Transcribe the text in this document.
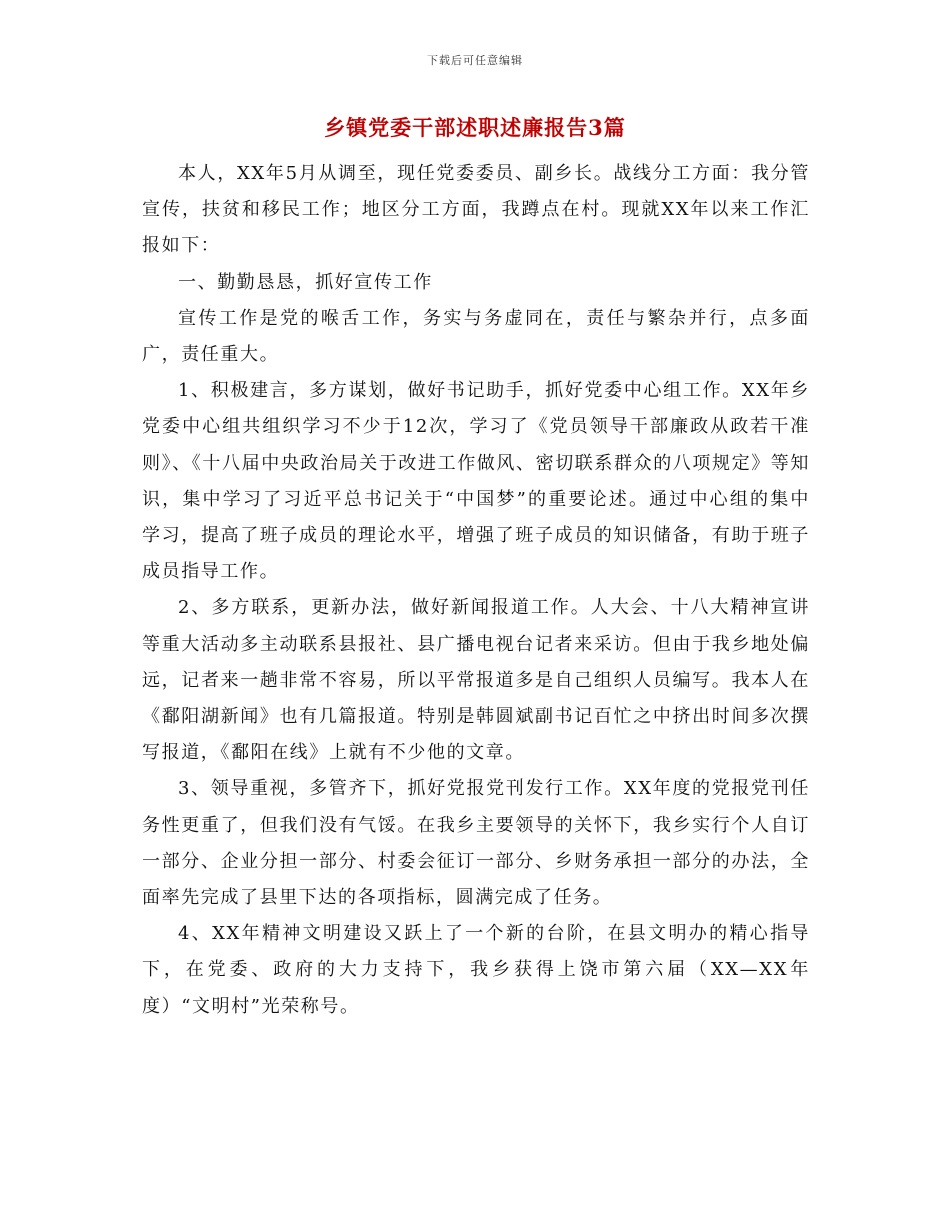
下载后可任意编辑
乡镇党委干部述职述廉报告3篇

本人，XX年5月从调至，现任党委委员、副乡长。战线分工方面：我分管宣传，扶贫和移民工作；地区分工方面，我蹲点在村。现就XX年以来工作汇报如下：

一、勤勤恳恳，抓好宣传工作

宣传工作是党的喉舌工作，务实与务虚同在，责任与繁杂并行，点多面广，责任重大。

1、积极建言，多方谋划，做好书记助手，抓好党委中心组工作。XX年乡党委中心组共组织学习不少于12次，学习了《党员领导干部廉政从政若干准则》、《十八届中央政治局关于改进工作做风、密切联系群众的八项规定》等知识，集中学习了习近平总书记关于“中国梦”的重要论述。通过中心组的集中学习，提高了班子成员的理论水平，增强了班子成员的知识储备，有助于班子成员指导工作。

2、多方联系，更新办法，做好新闻报道工作。人大会、十八大精神宣讲等重大活动多主动联系县报社、县广播电视台记者来采访。但由于我乡地处偏远，记者来一趟非常不容易，所以平常报道多是自己组织人员编写。我本人在《鄱阳湖新闻》也有几篇报道。特别是韩圆斌副书记百忙之中挤出时间多次撰写报道，《鄱阳在线》上就有不少他的文章。

3、领导重视，多管齐下，抓好党报党刊发行工作。XX年度的党报党刊任务性更重了，但我们没有气馁。在我乡主要领导的关怀下，我乡实行个人自订一部分、企业分担一部分、村委会征订一部分、乡财务承担一部分的办法，全面率先完成了县里下达的各项指标，圆满完成了任务。

4、XX年精神文明建设又跃上了一个新的台阶，在县文明办的精心指导下，在党委、政府的大力支持下，我乡获得上饶市第六届（XX—XX年度）“文明村”光荣称号。
